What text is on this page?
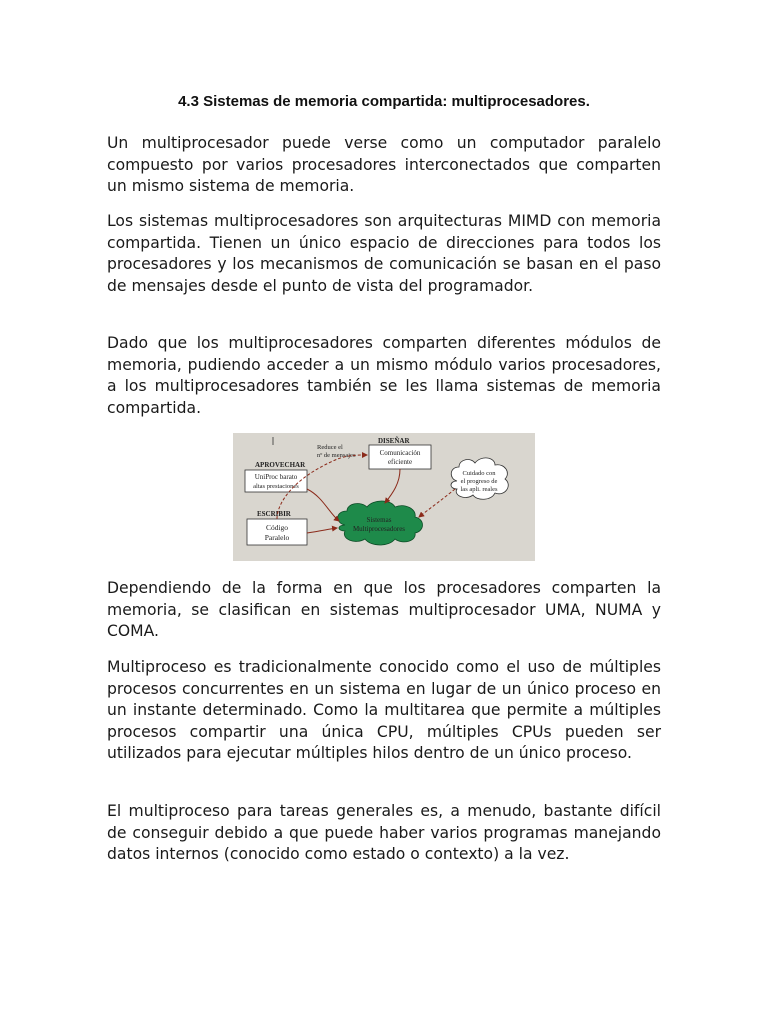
4.3 Sistemas de memoria compartida: multiprocesadores.

Un multiprocesador puede verse como un computador paralelo compuesto por varios procesadores interconectados que comparten un mismo sistema de memoria.

Los sistemas multiprocesadores son arquitecturas MIMD con memoria compartida. Tienen un único espacio de direcciones para todos los procesadores y los mecanismos de comunicación se basan en el paso de mensajes desde el punto de vista del programador.

Dado que los multiprocesadores comparten diferentes módulos de memoria, pudiendo acceder a un mismo módulo varios procesadores, a los multiprocesadores también se les llama sistemas de memoria compartida.

APROVECHAR
UniProc barato
altas prestaciones
ESCRIBIR
Código
Paralelo
Reduce el
nº de mensajes
DISEÑAR
Comunicación
eficiente
Cuidado con
el progreso de
las apli. reales
Sistemas
Multiprocesadores

Dependiendo de la forma en que los procesadores comparten la memoria, se clasifican en sistemas multiprocesador UMA, NUMA y COMA.

Multiproceso es tradicionalmente conocido como el uso de múltiples procesos concurrentes en un sistema en lugar de un único proceso en un instante determinado. Como la multitarea que permite a múltiples procesos compartir una única CPU, múltiples CPUs pueden ser utilizados para ejecutar múltiples hilos dentro de un único proceso.

El multiproceso para tareas generales es, a menudo, bastante difícil de conseguir debido a que puede haber varios programas manejando datos internos (conocido como estado o contexto) a la vez.
